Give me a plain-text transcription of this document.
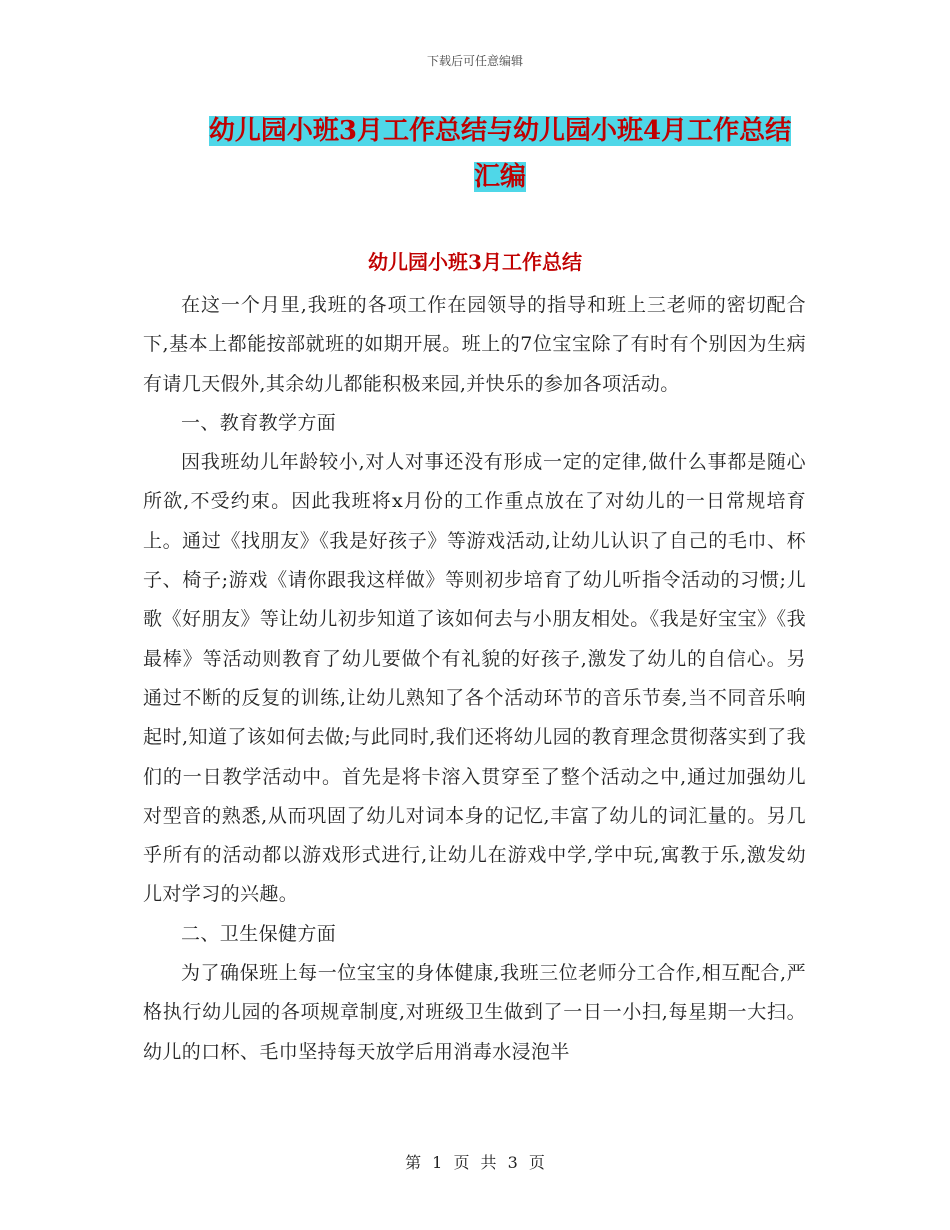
下载后可任意编辑
幼儿园小班3月工作总结与幼儿园小班4月工作总结
汇编
幼儿园小班3月工作总结

在这一个月里,我班的各项工作在园领导的指导和班上三老师的密切配合下,基本上都能按部就班的如期开展。班上的7位宝宝除了有时有个别因为生病有请几天假外,其余幼儿都能积极来园,并快乐的参加各项活动。

一、教育教学方面

因我班幼儿年龄较小,对人对事还没有形成一定的定律,做什么事都是随心所欲,不受约束。因此我班将x月份的工作重点放在了对幼儿的一日常规培育上。通过《找朋友》《我是好孩子》等游戏活动,让幼儿认识了自己的毛巾、杯子、椅子;游戏《请你跟我这样做》等则初步培育了幼儿听指令活动的习惯;儿歌《好朋友》等让幼儿初步知道了该如何去与小朋友相处。《我是好宝宝》《我最棒》等活动则教育了幼儿要做个有礼貌的好孩子,激发了幼儿的自信心。另通过不断的反复的训练,让幼儿熟知了各个活动环节的音乐节奏,当不同音乐响起时,知道了该如何去做;与此同时,我们还将幼儿园的教育理念贯彻落实到了我们的一日教学活动中。首先是将卡溶入贯穿至了整个活动之中,通过加强幼儿对型音的熟悉,从而巩固了幼儿对词本身的记忆,丰富了幼儿的词汇量的。另几乎所有的活动都以游戏形式进行,让幼儿在游戏中学,学中玩,寓教于乐,激发幼儿对学习的兴趣。

二、卫生保健方面

为了确保班上每一位宝宝的身体健康,我班三位老师分工合作,相互配合,严格执行幼儿园的各项规章制度,对班级卫生做到了一日一小扫,每星期一大扫。幼儿的口杯、毛巾坚持每天放学后用消毒水浸泡半

第 1 页 共 3 页
